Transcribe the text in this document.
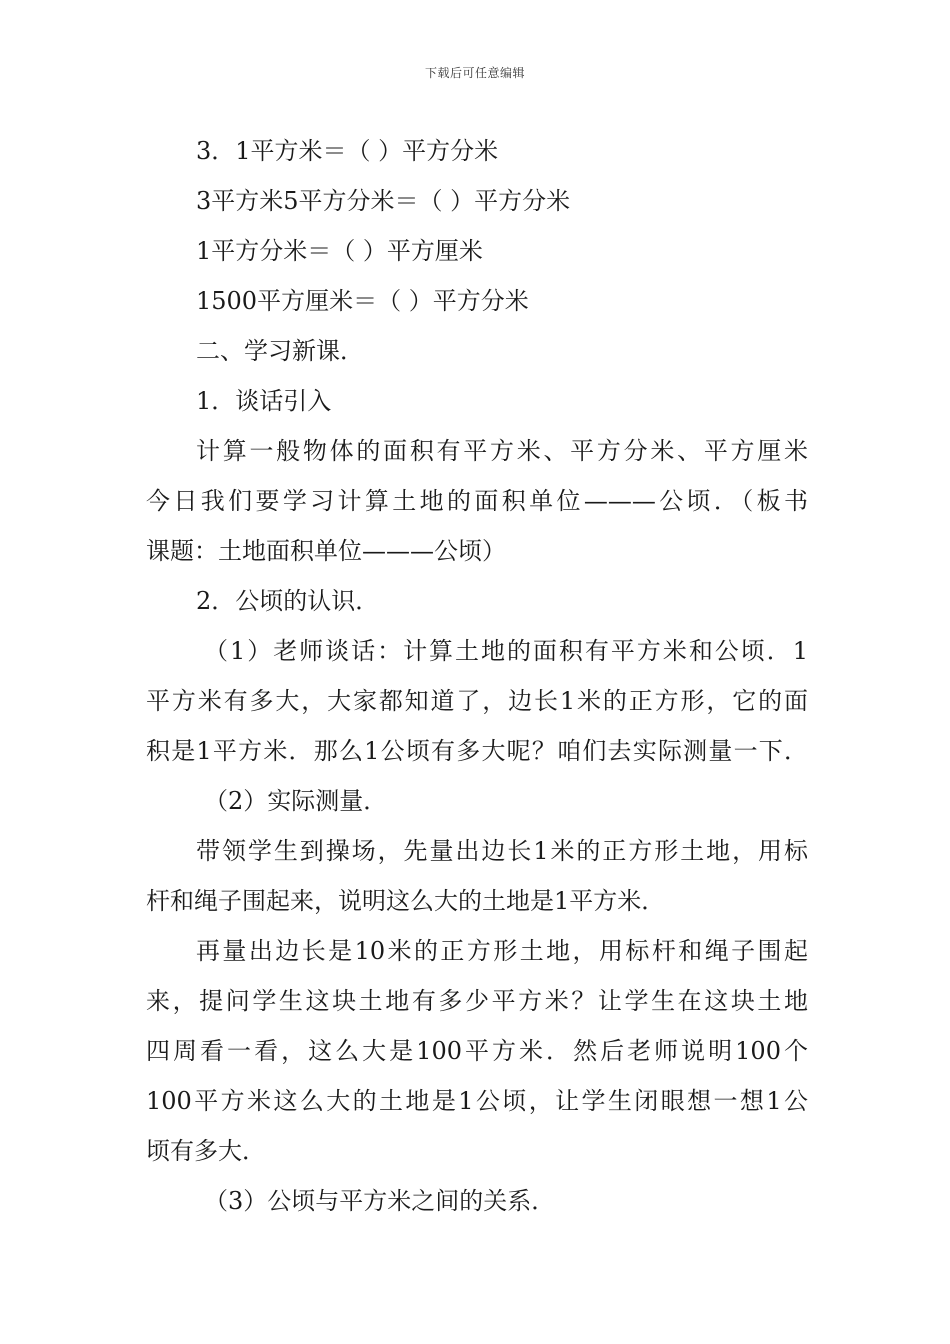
下载后可任意编辑
3．1平方米＝（ ）平方分米
3平方米5平方分米＝（ ）平方分米
1平方分米＝（ ）平方厘米
1500平方厘米＝（ ）平方分米
二、学习新课．
1．谈话引入
计算一般物体的面积有平方米、平方分米、平方厘米
今日我们要学习计算土地的面积单位———公顷．（板书
课题：土地面积单位———公顷）
2．公顷的认识．
（1）老师谈话：计算土地的面积有平方米和公顷．1
平方米有多大，大家都知道了，边长1米的正方形，它的面
积是1平方米．那么1公顷有多大呢？咱们去实际测量一下．
（2）实际测量．
带领学生到操场，先量出边长1米的正方形土地，用标
杆和绳子围起来，说明这么大的土地是1平方米．
再量出边长是10米的正方形土地，用标杆和绳子围起
来，提问学生这块土地有多少平方米？让学生在这块土地
四周看一看，这么大是100平方米．然后老师说明100个
100平方米这么大的土地是1公顷，让学生闭眼想一想1公
顷有多大．
（3）公顷与平方米之间的关系．
